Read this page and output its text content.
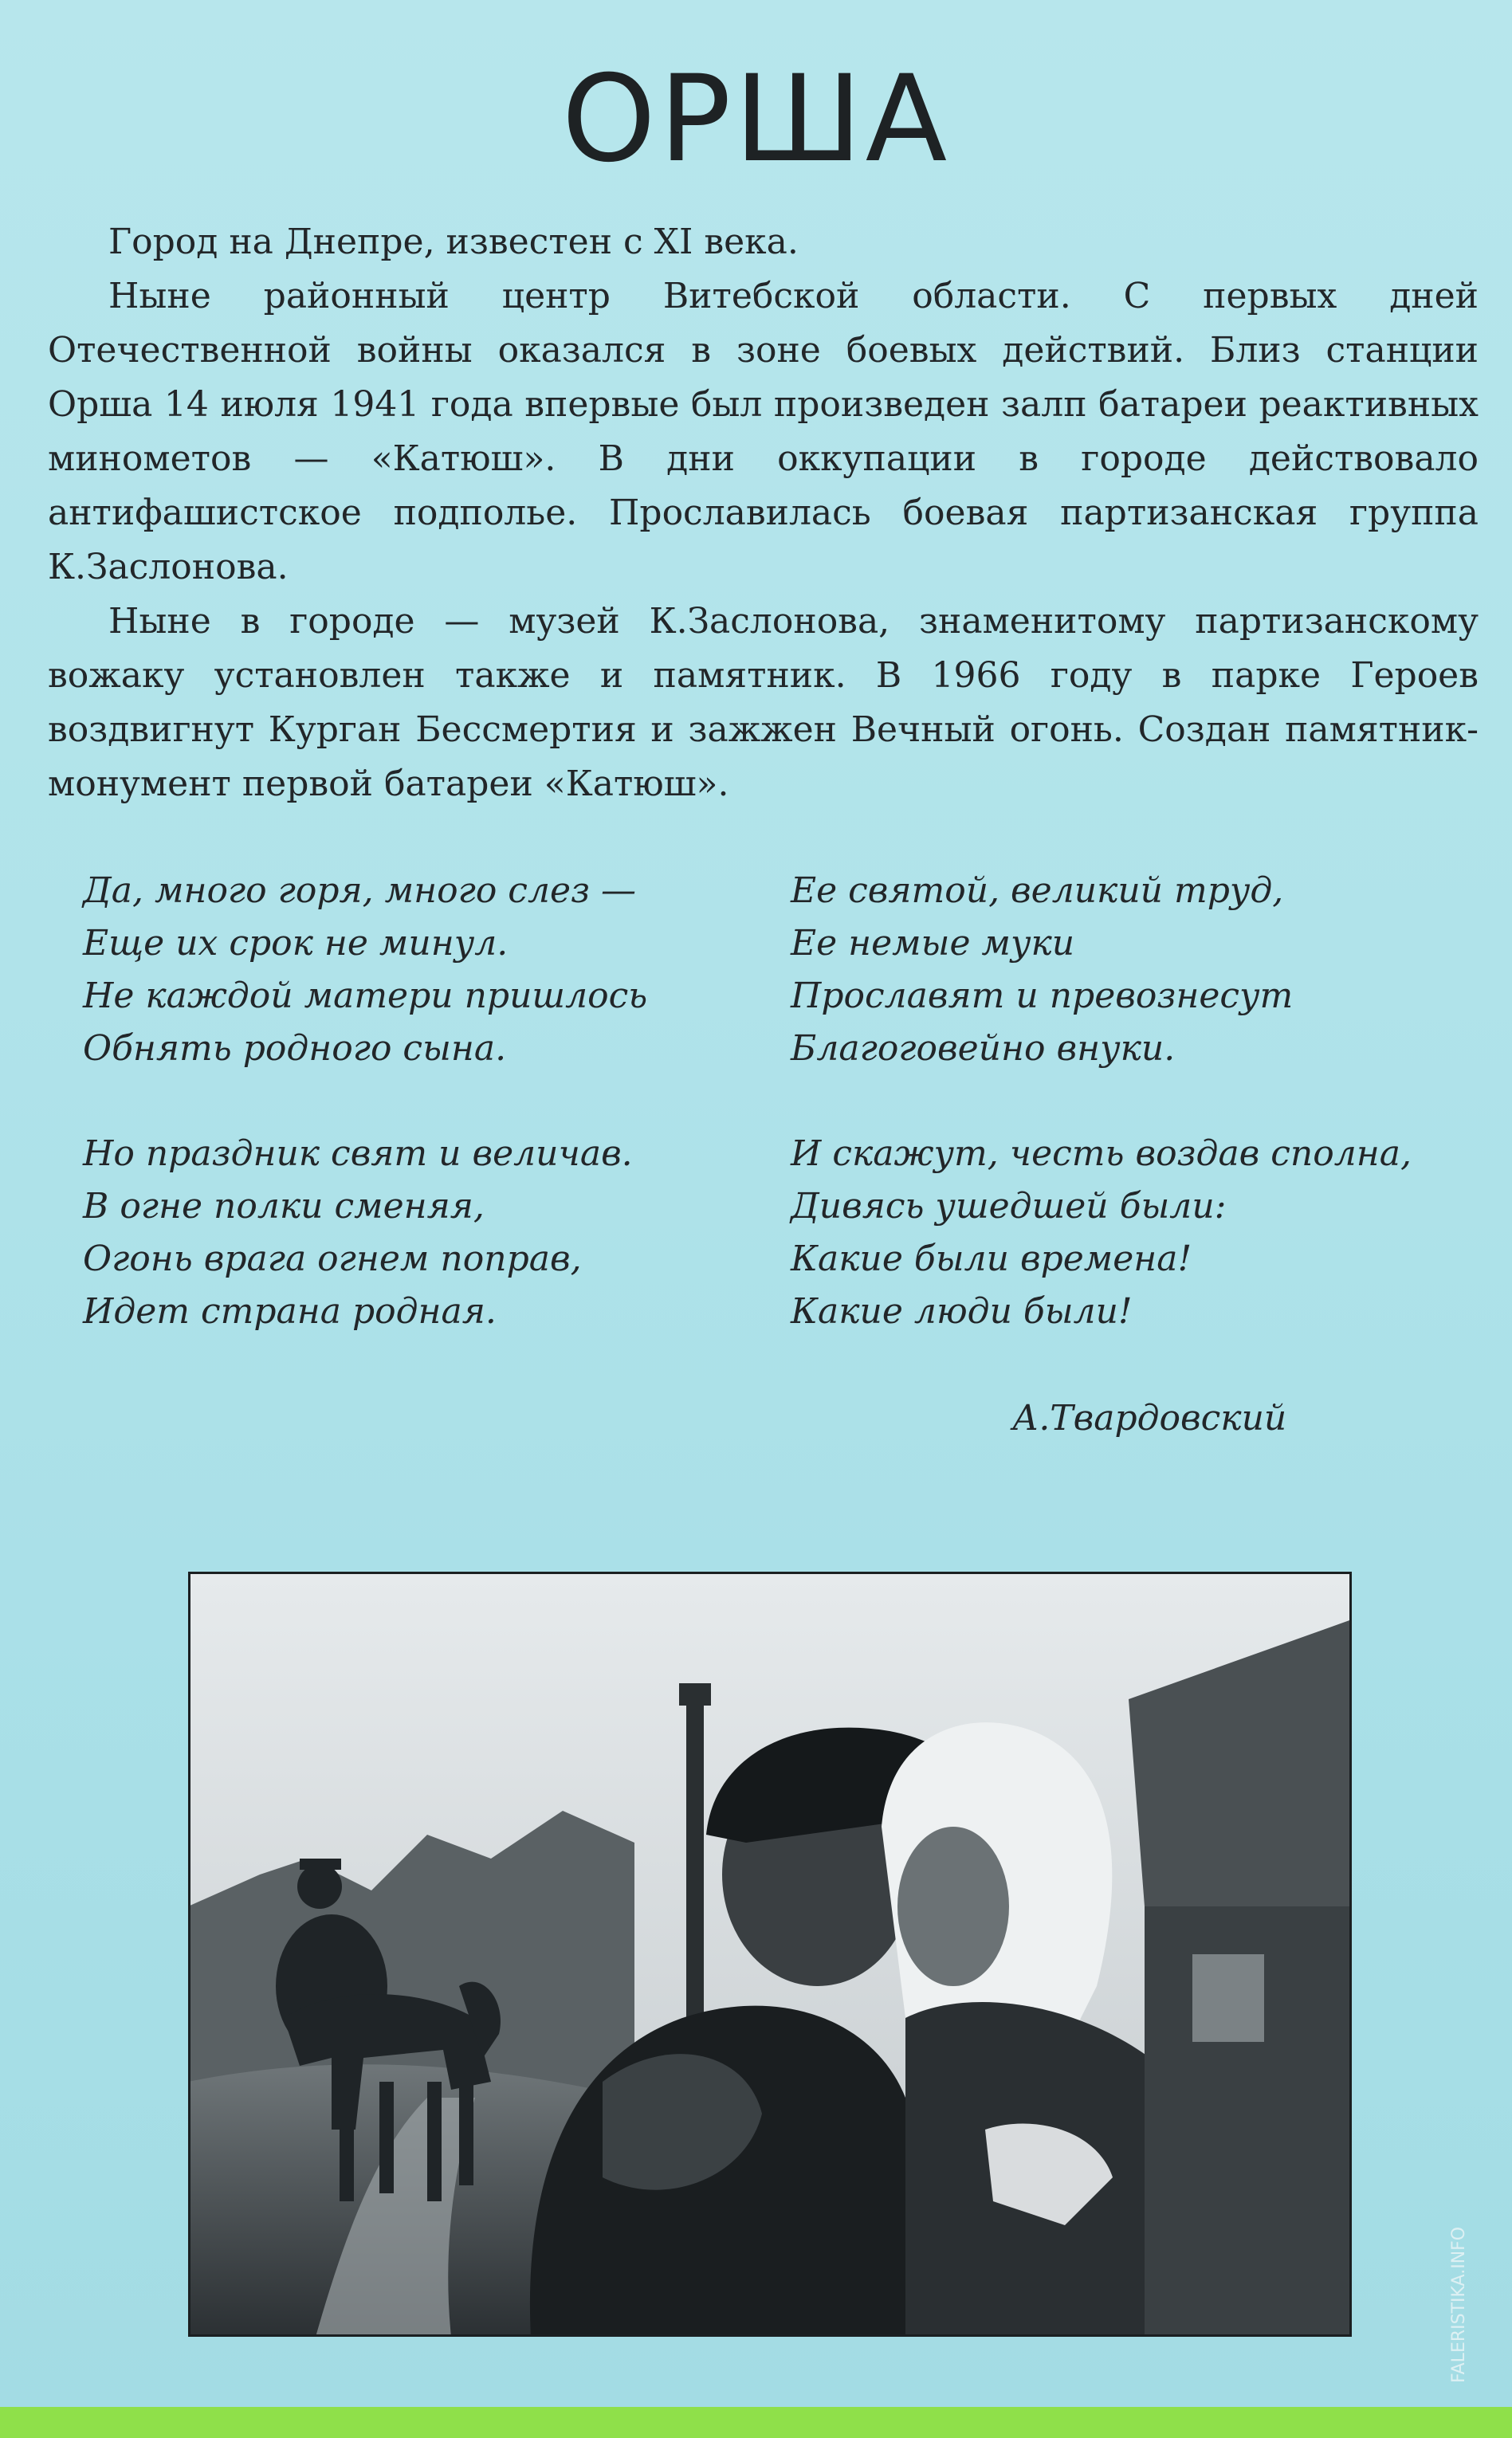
ОРША

Город на Днепре, известен с XI века.

Ныне районный центр Витебской области. С первых дней Отечественной войны оказался в зоне боевых действий. Близ станции Орша 14 июля 1941 года впервые был произведен залп батареи реактивных минометов — «Катюш». В дни оккупации в городе действовало антифашистское подполье. Прославилась боевая партизанская группа К.Заслонова.

Ныне в городе — музей К.Заслонова, знаменитому партизанскому вожаку установлен также и памятник. В 1966 году в парке Героев воздвигнут Курган Бессмертия и зажжен Вечный огонь. Создан памятник-монумент первой батареи «Катюш».

Да, много горя, много слез —
Еще их срок не минул.
Не каждой матери пришлось
Обнять родного сына.
Но праздник свят и величав.
В огне полки сменяя,
Огонь врага огнем поправ,
Идет страна родная.
Ее святой, великий труд,
Ее немые муки
Прославят и превознесут
Благоговейно внуки.
И скажут, честь воздав сполна,
Дивясь ушедшей были:
Какие были времена!
Какие люди были!
А.Твардовский
FALERISTIKA.INFO
